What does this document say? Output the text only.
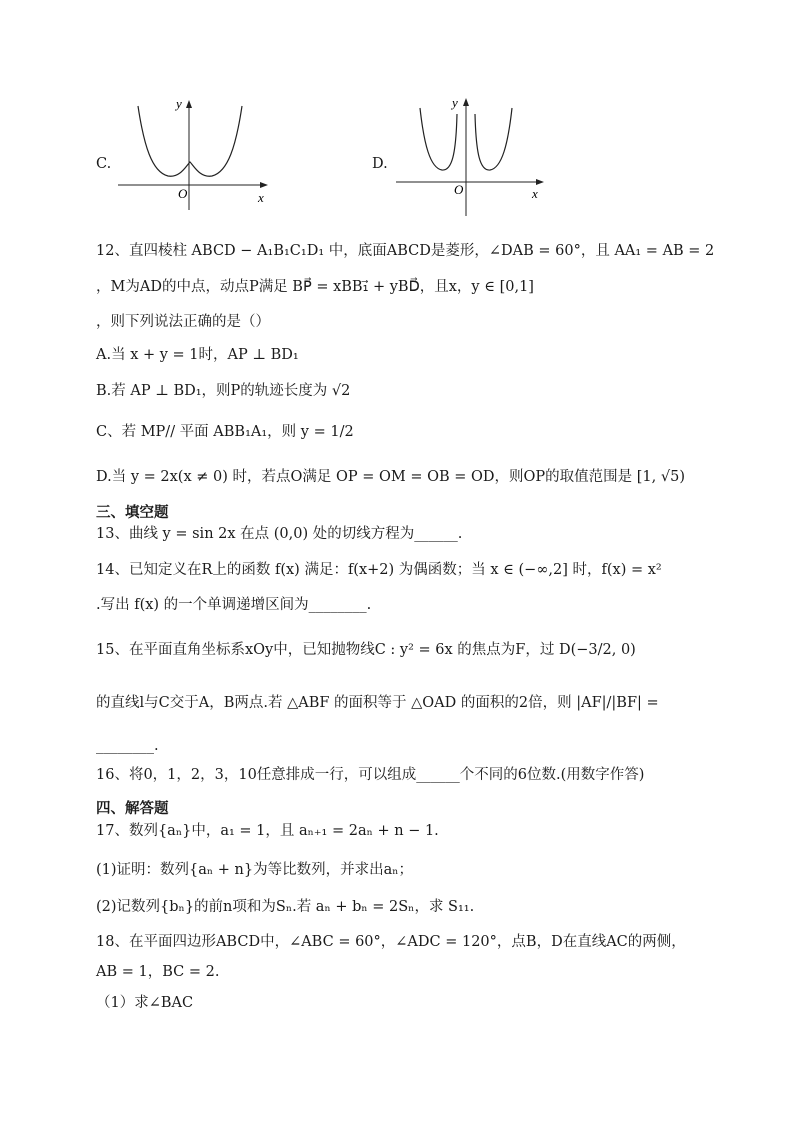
C.
y
O	x
D.
y
O	x
12、直四棱柱 ABCD − A₁B₁C₁D₁ 中，底面ABCD是菱形，∠DAB = 60°，且 AA₁ = AB = 2
，M为AD的中点，动点P满足 BP⃗ = xBB₁⃗ + yBD⃗，且x，y ∈ [0,1]
，则下列说法正确的是（）
A.当 x + y = 1时，AP ⊥ BD₁
B.若 AP ⊥ BD₁，则P的轨迹长度为 √2
C、若 MP// 平面 ABB₁A₁，则 y = 1/2
D.当 y = 2x(x ≠ 0) 时，若点O满足 OP = OM = OB = OD，则OP的取值范围是 [1, √5)
三、填空题
13、曲线 y = sin 2x 在点 (0,0) 处的切线方程为______.
14、已知定义在R上的函数 f(x) 满足：f(x+2) 为偶函数；当 x ∈ (−∞,2] 时，f(x) = x²
.写出 f(x) 的一个单调递增区间为________.
15、在平面直角坐标系xOy中，已知抛物线C : y² = 6x 的焦点为F，过 D(−3/2, 0)
的直线l与C交于A，B两点.若 △ABF 的面积等于 △OAD 的面积的2倍，则 |AF|/|BF| =
________.
16、将0，1，2，3，10任意排成一行，可以组成______个不同的6位数.(用数字作答)
四、解答题
17、数列{aₙ}中，a₁ = 1，且 aₙ₊₁ = 2aₙ + n − 1.
(1)证明：数列{aₙ + n}为等比数列，并求出aₙ；
(2)记数列{bₙ}的前n项和为Sₙ.若 aₙ + bₙ = 2Sₙ，求 S₁₁.
18、在平面四边形ABCD中，∠ABC = 60°，∠ADC = 120°，点B，D在直线AC的两侧，
AB = 1，BC = 2.
（1）求∠BAC
